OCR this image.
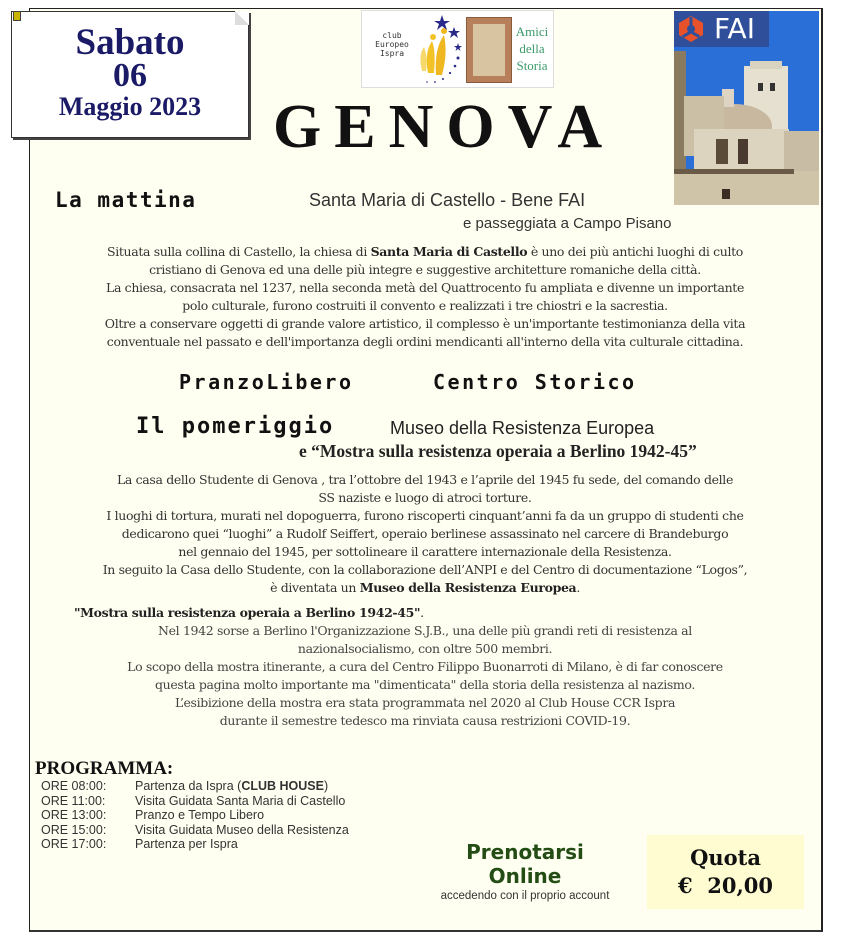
Sabato
06
Maggio 2023
club
Europeo
Ispra
Amici
della
Storia
FAI
GENOVA
La mattina	Santa Maria di Castello - Bene FAI
e passeggiata a Campo Pisano
Situata sulla collina di Castello, la chiesa di Santa Maria di Castello è uno dei più antichi luoghi di culto
cristiano di Genova ed una delle più integre e suggestive architetture romaniche della città.
La chiesa, consacrata nel 1237, nella seconda metà del Quattrocento fu ampliata e divenne un importante
polo culturale, furono costruiti il convento e realizzati i tre chiostri e la sacrestia.
Oltre a conservare oggetti di grande valore artistico, il complesso è un'importante testimonianza della vita
conventuale nel passato e dell'importanza degli ordini mendicanti all'interno della vita culturale cittadina.
PranzoLibero	Centro Storico
Il pomeriggio	Museo della Resistenza Europea
e “Mostra sulla resistenza operaia a Berlino 1942-45”
La casa dello Studente di Genova , tra l’ottobre del 1943 e l’aprile del 1945 fu sede, del comando delle
SS naziste e luogo di atroci torture.
I luoghi di tortura, murati nel dopoguerra, furono riscoperti cinquant’anni fa da un gruppo di studenti che
dedicarono quei “luoghi” a Rudolf Seiffert, operaio berlinese assassinato nel carcere di Brandeburgo
nel gennaio del 1945, per sottolineare il carattere internazionale della Resistenza.
In seguito la Casa dello Studente, con la collaborazione dell’ANPI e del Centro di documentazione “Logos”,
è diventata un Museo della Resistenza Europea.
"Mostra sulla resistenza operaia a Berlino 1942-45".
Nel 1942 sorse a Berlino l'Organizzazione S.J.B., una delle più grandi reti di resistenza al
nazionalsocialismo, con oltre 500 membri.
Lo scopo della mostra itinerante, a cura del Centro Filippo Buonarroti di Milano, è di far conoscere
questa pagina molto importante ma "dimenticata" della storia della resistenza al nazismo.
L’esibizione della mostra era stata programmata nel 2020 al Club House CCR Ispra
durante il semestre tedesco ma rinviata causa restrizioni COVID-19.
PROGRAMMA:
ORE 08:00:	Partenza da Ispra (CLUB HOUSE)
ORE 11:00:	Visita Guidata Santa Maria di Castello
ORE 13:00:	Pranzo e Tempo Libero
ORE 15:00:	Visita Guidata Museo della Resistenza
ORE 17:00:	Partenza per Ispra	Prenotarsi
Online
accedendo con il proprio account
Quota
€  20,00
